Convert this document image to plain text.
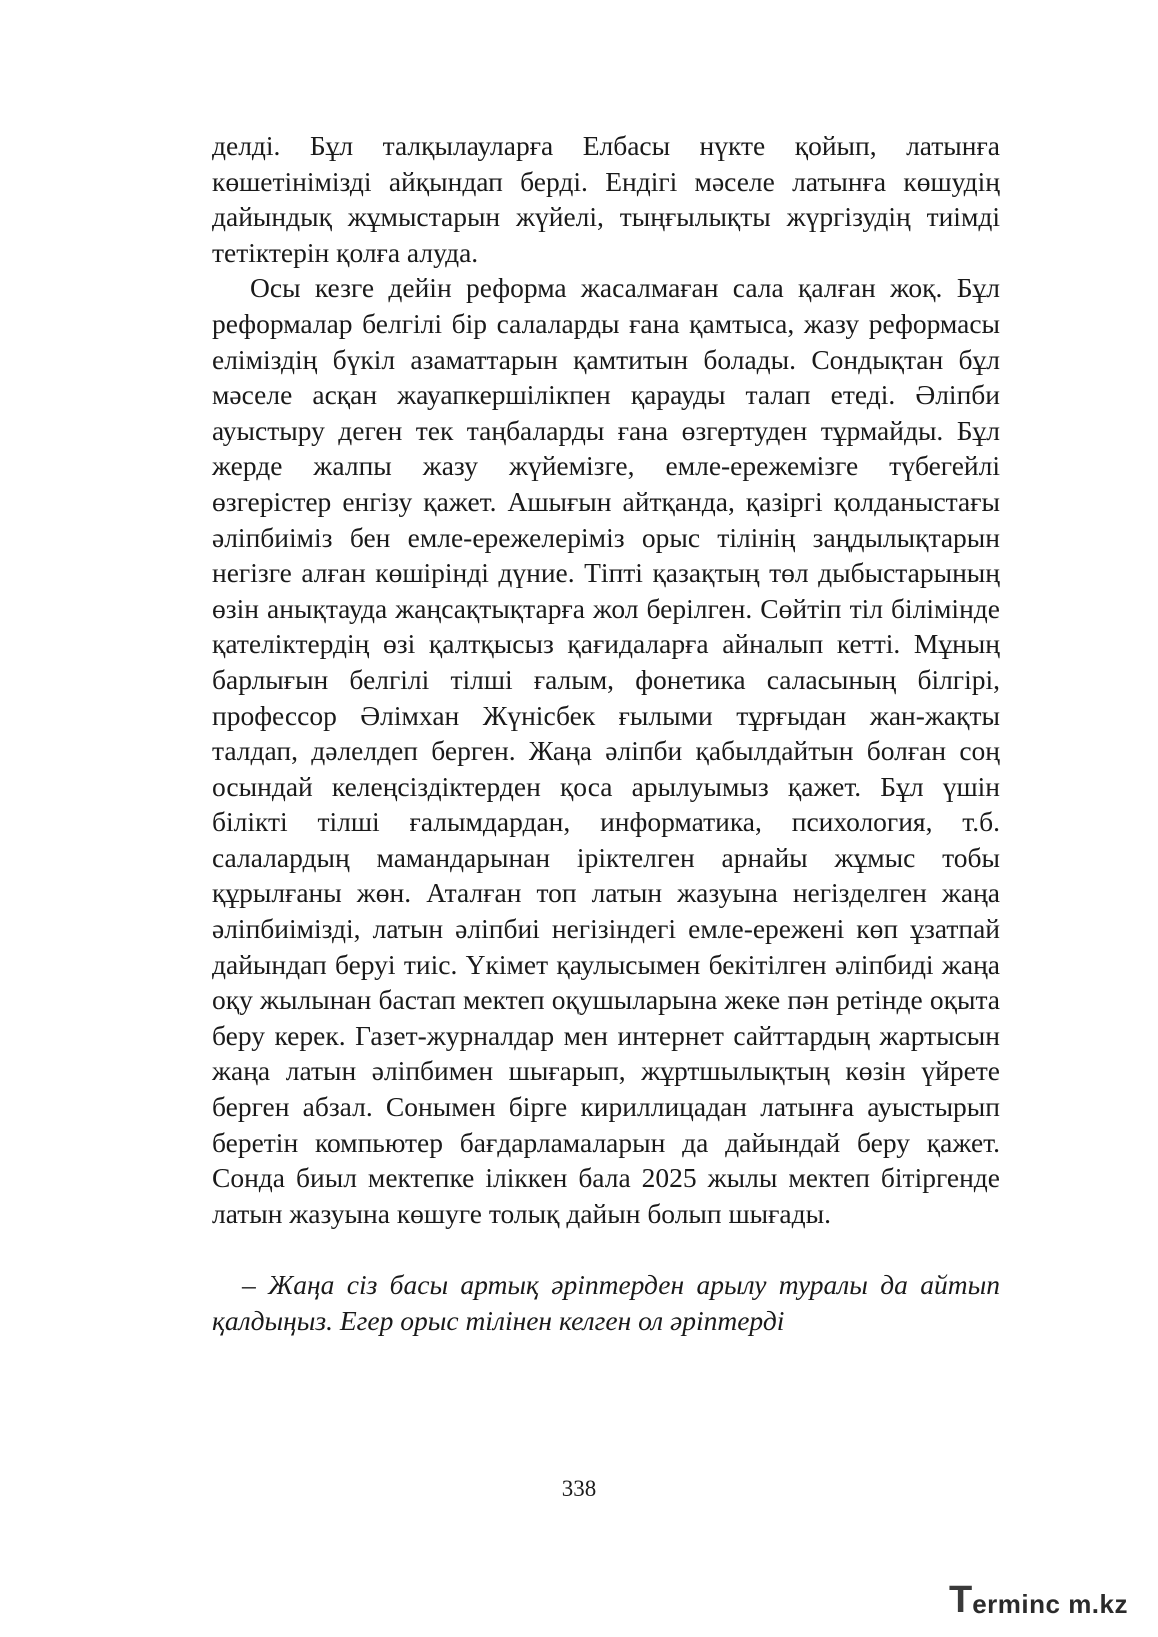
делді. Бұл талқылауларға Елбасы нүкте қойып, латынға көшетінімізді айқындап берді. Ендігі мәселе латынға көшудің дайындық жұмыстарын жүйелі, тыңғылықты жүргізудің тиімді тетіктерін қолға алуда.

Осы кезге дейін реформа жасалмаған сала қалған жоқ. Бұл реформалар белгілі бір салаларды ғана қамтыса, жазу реформасы еліміздің бүкіл азаматтарын қамтитын болады. Сондықтан бұл мәселе асқан жауапкершілікпен қарауды талап етеді. Әліпби ауыстыру деген тек таңбаларды ғана өзгертуден тұрмайды. Бұл жерде жалпы жазу жүйемізге, емле-ережемізге түбегейлі өзгерістер енгізу қажет. Ашығын айтқанда, қазіргі қолданыстағы әліпбиіміз бен емле-ережелеріміз орыс тілінің заңдылықтарын негізге алған көшірінді дүние. Тіпті қазақтың төл дыбыстарының өзін анықтауда жаңсақтықтарға жол берілген. Сөйтіп тіл білімінде қателіктердің өзі қалтқысыз қағидаларға айналып кетті. Мұның барлығын белгілі тілші ғалым, фонетика саласының білгірі, профессор Әлімхан Жүнісбек ғылыми тұрғыдан жан-жақты талдап, дәлелдеп берген. Жаңа әліпби қабылдайтын болған соң осындай келеңсіздіктерден қоса арылуымыз қажет. Бұл үшін білікті тілші ғалымдардан, информатика, психология, т.б. салалардың мамандарынан іріктелген арнайы жұмыс тобы құрылғаны жөн. Аталған топ латын жазуына негізделген жаңа әліпбиімізді, латын әліпбиі негізіндегі емле-ережені көп ұзатпай дайындап беруі тиіс. Үкімет қаулысымен бекітілген әліпбиді жаңа оқу жылынан бастап мектеп оқушыларына жеке пән ретінде оқыта беру керек. Газет-журналдар мен интернет сайттардың жартысын жаңа латын әліпбимен шығарып, жұртшылықтың көзін үйрете берген абзал. Сонымен бірге кириллицадан латынға ауыстырып беретін компьютер бағдарламаларын да дайындай беру қажет. Сонда биыл мектепке іліккен бала 2025 жылы мектеп бітіргенде латын жазуына көшуге толық дайын болып шығады.

– Жаңа сіз басы артық әріптерден арылу туралы да айтып қалдыңыз. Егер орыс тілінен келген ол әріптерді

338
T erminc m.kz
